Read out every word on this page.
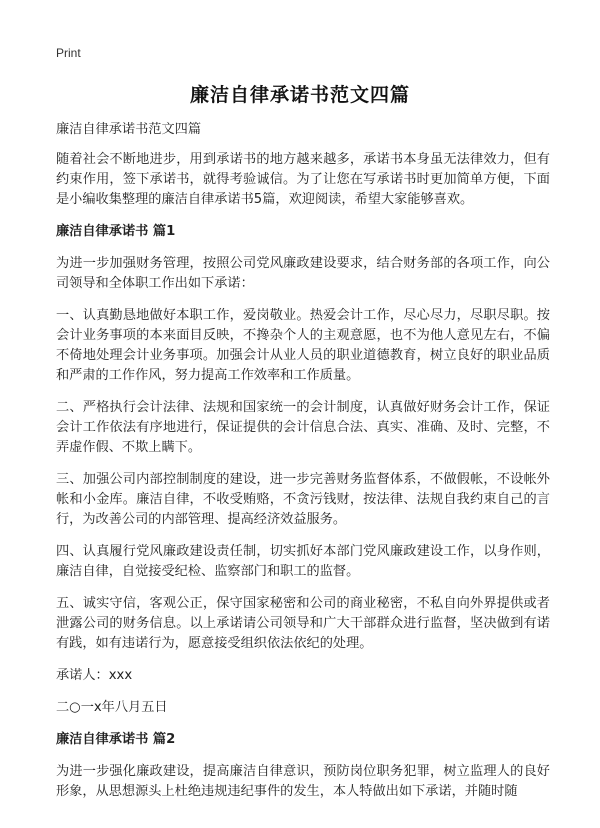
Print
廉洁自律承诺书范文四篇

廉洁自律承诺书范文四篇

随着社会不断地进步，用到承诺书的地方越来越多，承诺书本身虽无法律效力，但有约束作用，签下承诺书，就得考验诚信。为了让您在写承诺书时更加简单方便，下面是小编收集整理的廉洁自律承诺书5篇，欢迎阅读，希望大家能够喜欢。

廉洁自律承诺书 篇1

为进一步加强财务管理，按照公司党风廉政建设要求，结合财务部的各项工作，向公司领导和全体职工作出如下承诺：

一、认真勤恳地做好本职工作，爱岗敬业。热爱会计工作，尽心尽力，尽职尽职。按会计业务事项的本来面目反映，不搀杂个人的主观意愿，也不为他人意见左右，不偏不倚地处理会计业务事项。加强会计从业人员的职业道德教育，树立良好的职业品质和严肃的工作作风，努力提高工作效率和工作质量。

二、严格执行会计法律、法规和国家统一的会计制度，认真做好财务会计工作，保证会计工作依法有序地进行，保证提供的会计信息合法、真实、准确、及时、完整，不弄虚作假、不欺上瞒下。

三、加强公司内部控制制度的建设，进一步完善财务监督体系，不做假帐，不设帐外帐和小金库。廉洁自律，不收受贿赂，不贪污钱财，按法律、法规自我约束自己的言行，为改善公司的内部管理、提高经济效益服务。

四、认真履行党风廉政建设责任制，切实抓好本部门党风廉政建设工作，以身作则，廉洁自律，自觉接受纪检、监察部门和职工的监督。

五、诚实守信，客观公正，保守国家秘密和公司的商业秘密，不私自向外界提供或者泄露公司的财务信息。以上承诺请公司领导和广大干部群众进行监督，坚决做到有诺有践，如有违诺行为，愿意接受组织依法依纪的处理。

承诺人：xxx

二○一x年八月五日

廉洁自律承诺书 篇2

为进一步强化廉政建设，提高廉洁自律意识，预防岗位职务犯罪，树立监理人的良好形象，从思想源头上杜绝违规违纪事件的发生，本人特做出如下承诺，并随时随
